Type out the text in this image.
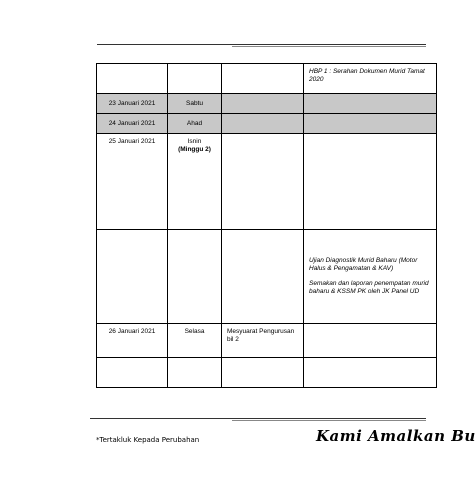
			HBP 1 : Serahan Dokumen Murid Tamat 2020

23 Januari 2021	Sabtu		
24 Januari 2021	Ahad		
25 Januari 2021	Isnin
(Minggu 2)		

			Ujian Diagnostik Murid Baharu (Motor Halus & Pengamatan & KAV)
Semakan dan laporan penempatan murid baharu & KSSM PK oleh JK Panel UD

26 Januari 2021	Selasa	Mesyuarat Pengurusan bil 2	

*Tertakluk Kepada Perubahan	Kami Amalkan Bu
